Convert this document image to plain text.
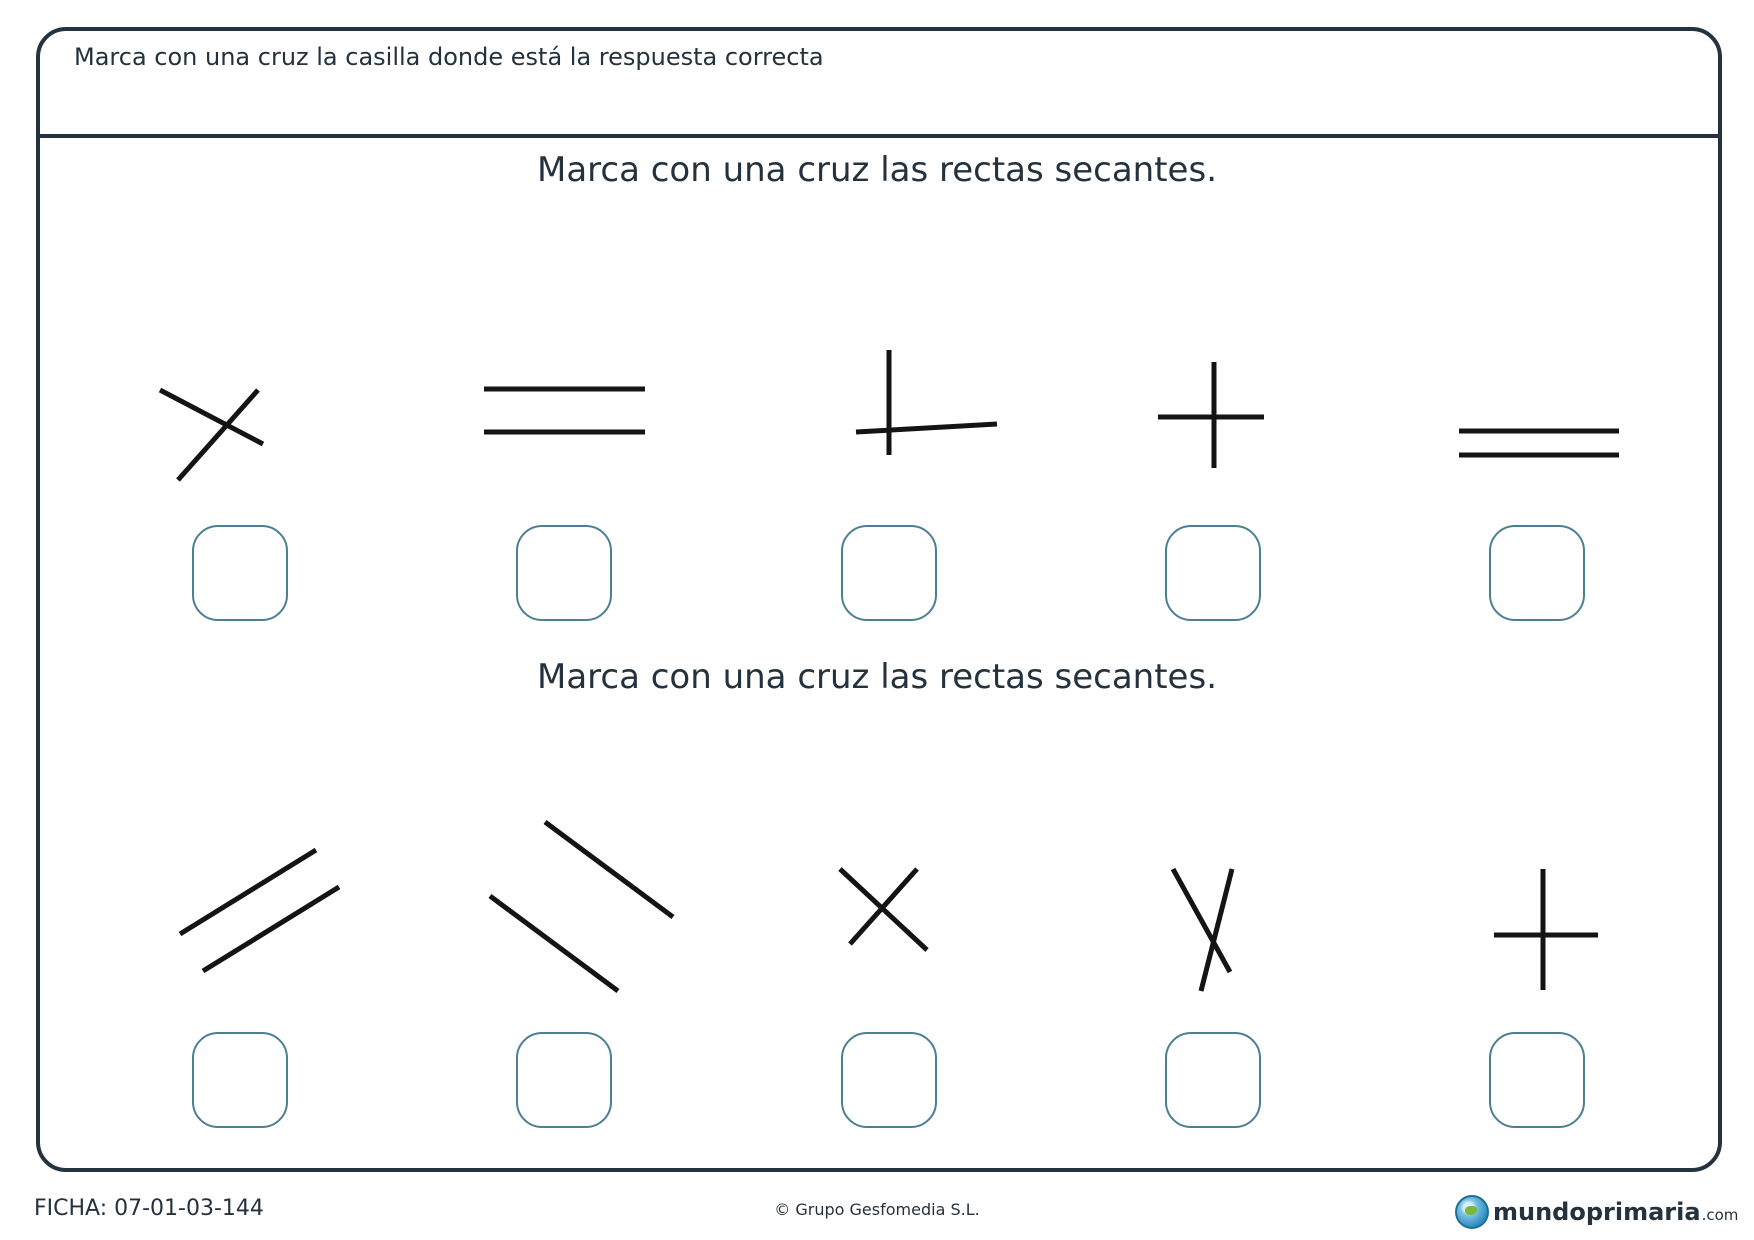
Marca con una cruz la casilla donde está la respuesta correcta
Marca con una cruz las rectas secantes.
Marca con una cruz las rectas secantes.
FICHA: 07-01-03-144	© Grupo Gesfomedia S.L.	mundoprimaria .com
